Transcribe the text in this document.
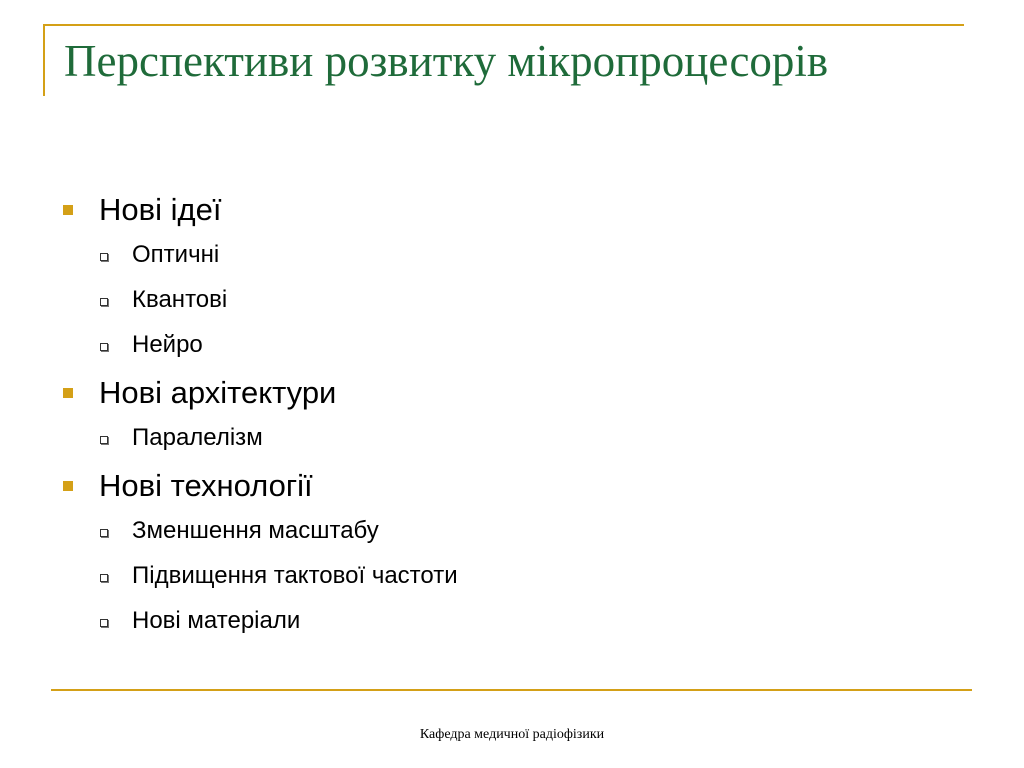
Перспективи розвитку мікропроцесорів
Нові ідеї
Оптичні
Квантові
Нейро
Нові архітектури
Паралелізм
Нові технології
Зменшення масштабу
Підвищення тактової частоти
Нові матеріали
Кафедра медичної радіофізики
